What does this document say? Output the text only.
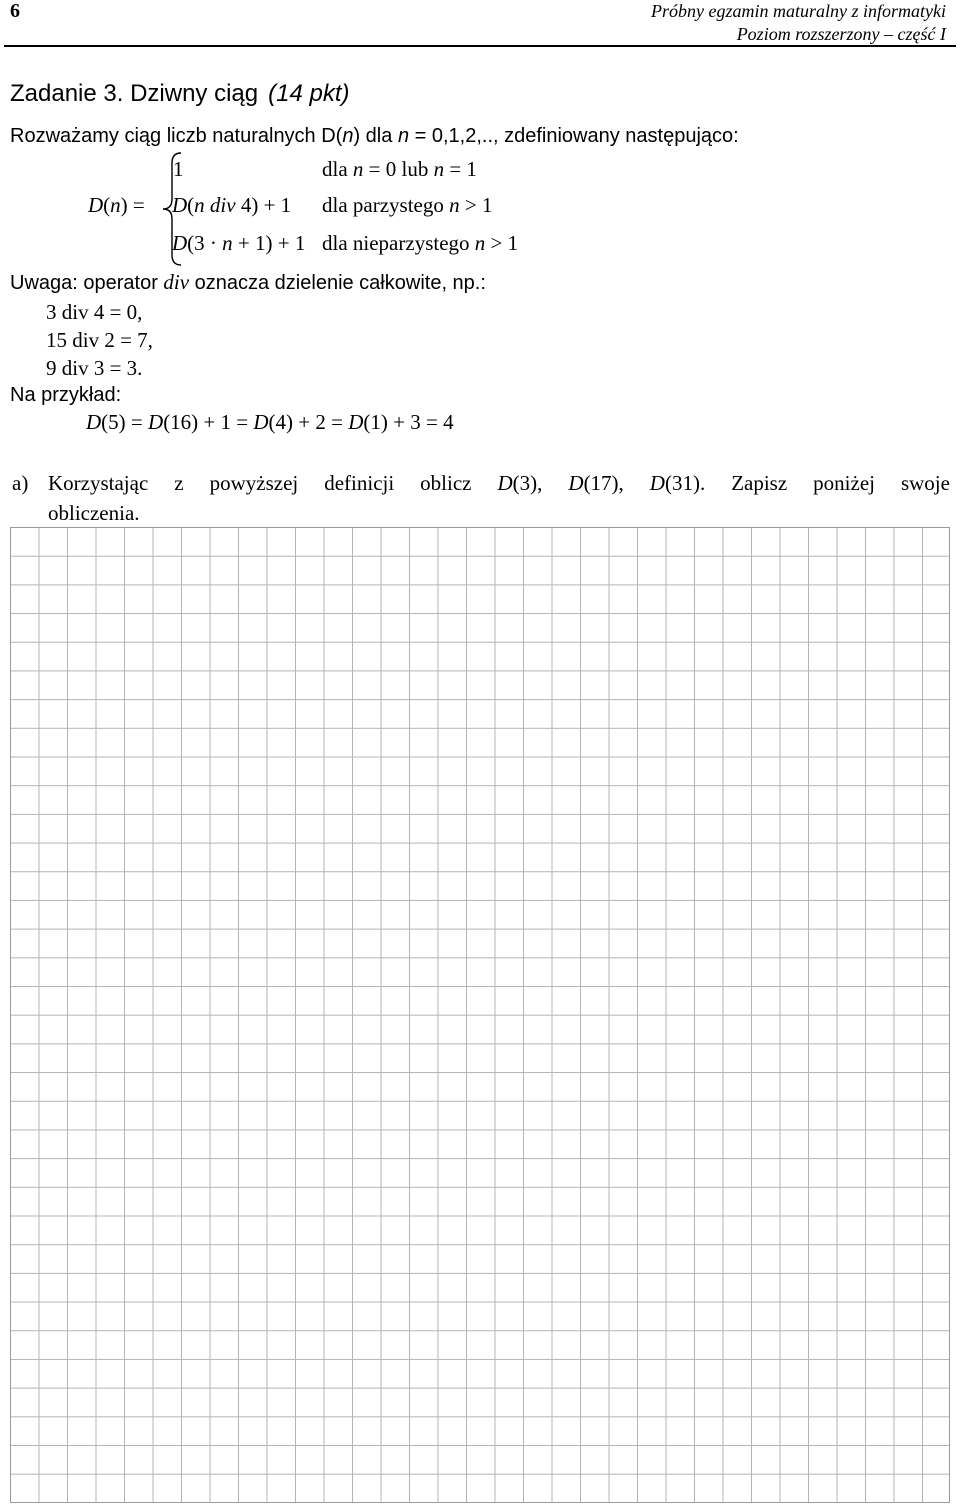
6	Próbny egzamin maturalny z informatyki
Poziom rozszerzony – część I
Zadanie 3. Dziwny ciąg (14 pkt)
Rozważamy ciąg liczb naturalnych D(n) dla n = 0,1,2,.., zdefiniowany następująco:
D(n) =
1	dla n = 0 lub n = 1
D(n div 4) + 1 dla parzystego n > 1
D(3 · n + 1) + 1 dla nieparzystego n > 1
Uwaga: operator div oznacza dzielenie całkowite, np.:
3 div 4 = 0,
15 div 2 = 7,
9 div 3 = 3.
Na przykład:
D(5) = D(16) + 1 = D(4) + 2 = D(1) + 3 = 4
a) Korzystając z powyższej definicji oblicz D(3), D(17), D(31). Zapisz poniżej swoje
obliczenia.
